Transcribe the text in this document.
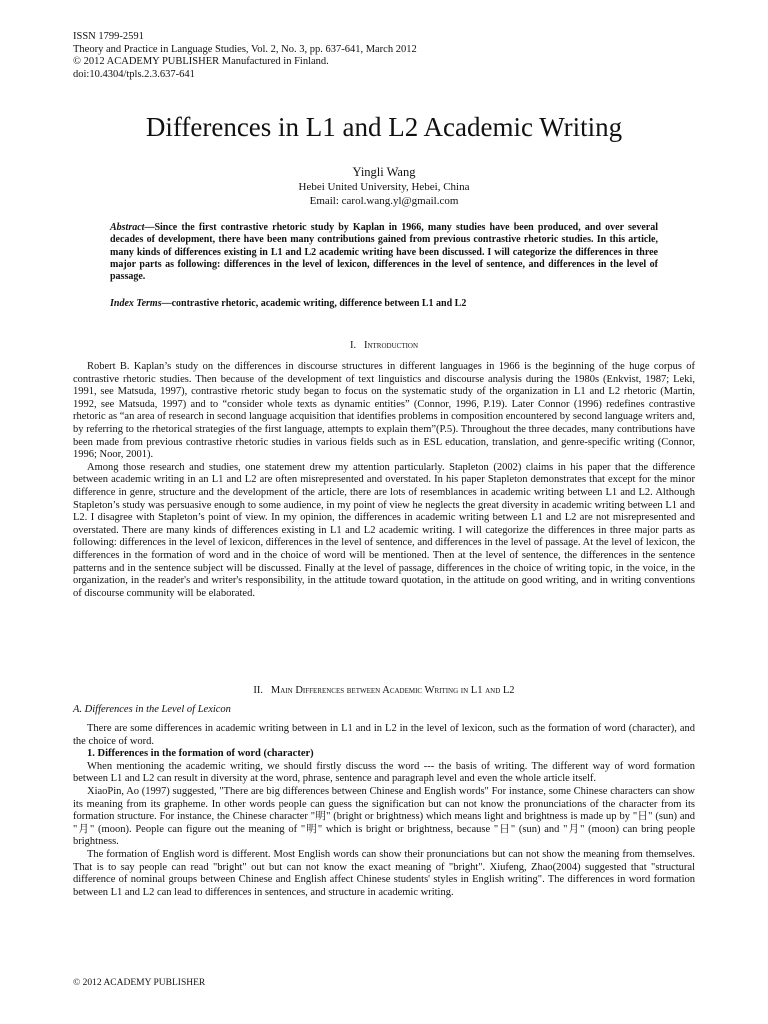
ISSN 1799-2591
Theory and Practice in Language Studies, Vol. 2, No. 3, pp. 637-641, March 2012
© 2012 ACADEMY PUBLISHER Manufactured in Finland.
doi:10.4304/tpls.2.3.637-641
Differences in L1 and L2 Academic Writing
Yingli Wang
Hebei United University, Hebei, China
Email: carol.wang.yl@gmail.com
Abstract—Since the first contrastive rhetoric study by Kaplan in 1966, many studies have been produced, and over several decades of development, there have been many contributions gained from previous contrastive rhetoric studies. In this article, many kinds of differences existing in L1 and L2 academic writing have been discussed. I will categorize the differences in three major parts as following: differences in the level of lexicon, differences in the level of sentence, and differences in the level of passage.
Index Terms—contrastive rhetoric, academic writing, difference between L1 and L2
I. Introduction

Robert B. Kaplan’s study on the differences in discourse structures in different languages in 1966 is the beginning of the huge corpus of contrastive rhetoric studies. Then because of the development of text linguistics and discourse analysis during the 1980s (Enkvist, 1987; Leki, 1991, see Matsuda, 1997), contrastive rhetoric study began to focus on the systematic study of the organization in L1 and L2 rhetoric (Martin, 1992, see Matsuda, 1997) and to “consider whole texts as dynamic entities” (Connor, 1996, P.19). Later Connor (1996) redefines contrastive rhetoric as “an area of research in second language acquisition that identifies problems in composition encountered by second language writers and, by referring to the rhetorical strategies of the first language, attempts to explain them”(P.5). Throughout the three decades, many contributions have been made from previous contrastive rhetoric studies in various fields such as in ESL education, translation, and genre-specific writing (Connor, 1996; Noor, 2001).

Among those research and studies, one statement drew my attention particularly. Stapleton (2002) claims in his paper that the difference between academic writing in an L1 and L2 are often misrepresented and overstated. In his paper Stapleton demonstrates that except for the minor difference in genre, structure and the development of the article, there are lots of resemblances in academic writing between L1 and L2. Although Stapleton’s study was persuasive enough to some audience, in my point of view he neglects the great diversity in academic writing between L1 and L2. I disagree with Stapleton’s point of view. In my opinion, the differences in academic writing between L1 and L2 are not misrepresented and overstated. There are many kinds of differences existing in L1 and L2 academic writing. I will categorize the differences in three major parts as following: differences in the level of lexicon, differences in the level of sentence, and differences in the level of passage. At the level of lexicon, the differences in the formation of word and in the choice of word will be mentioned. Then at the level of sentence, the differences in the sentence patterns and in the sentence subject will be discussed. Finally at the level of passage, differences in the choice of writing topic, in the voice, in the organization, in the reader's and writer's responsibility, in the attitude toward quotation, in the attitude on good writing, and in writing conventions of discourse community will be elaborated.

II. Main Differences between Academic Writing in L1 and L2
A. Differences in the Level of Lexicon

There are some differences in academic writing between in L1 and in L2 in the level of lexicon, such as the formation of word (character), and the choice of word.

1. Differences in the formation of word (character)

When mentioning the academic writing, we should firstly discuss the word --- the basis of writing. The different way of word formation between L1 and L2 can result in diversity at the word, phrase, sentence and paragraph level and even the whole article itself.

XiaoPin, Ao (1997) suggested, "There are big differences between Chinese and English words" For instance, some Chinese characters can show its meaning from its grapheme. In other words people can guess the signification but can not know the pronunciations of the character from its formation structure. For instance, the Chinese character "明" (bright or brightness) which means light and brightness is made up by "日" (sun) and "月" (moon). People can figure out the meaning of "明" which is bright or brightness, because "日" (sun) and "月" (moon) can bring people brightness.

The formation of English word is different. Most English words can show their pronunciations but can not show the meaning from themselves. That is to say people can read "bright" out but can not know the exact meaning of "bright". Xiufeng, Zhao(2004) suggested that "structural difference of nominal groups between Chinese and English affect Chinese students' styles in English writing". The differences in word formation between L1 and L2 can lead to differences in sentences, and structure in academic writing.

© 2012 ACADEMY PUBLISHER
